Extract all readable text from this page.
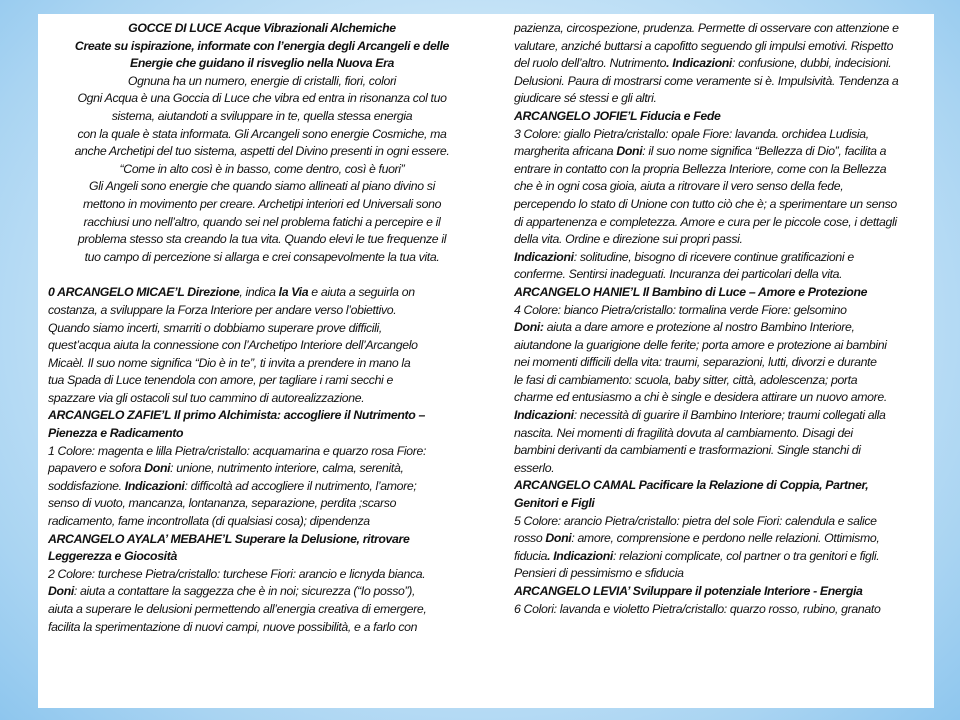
GOCCE DI LUCE Acque Vibrazionali Alchemiche

Create su ispirazione, informate con l’energia degli Arcangeli e delle

Energie che guidano il risveglio nella Nuova Era

Ognuna ha un numero, energie di cristalli, fiori, colori

Ogni Acqua è una Goccia di Luce che vibra ed entra in risonanza col tuo

sistema, aiutandoti a sviluppare in te, quella stessa energia

con la quale è stata informata. Gli Arcangeli sono energie Cosmiche, ma

anche Archetipi del tuo sistema, aspetti del Divino presenti in ogni essere.

“Come in alto così è in basso, come dentro, così è fuori”

Gli Angeli sono energie che quando siamo allineati al piano divino si

mettono in movimento per creare. Archetipi interiori ed Universali sono

racchiusi uno nell’altro, quando sei nel problema fatichi a percepire e il

problema stesso sta creando la tua vita. Quando elevi le tue frequenze il

tuo campo di percezione si allarga e crei consapevolmente la tua vita.

0 ARCANGELO MICAE’L Direzione, indica la Via e aiuta a seguirla on

costanza, a sviluppare la Forza Interiore per andare verso l’obiettivo.

Quando siamo incerti, smarriti o dobbiamo superare prove difficili,

quest’acqua aiuta la connessione con l’Archetipo Interiore dell’Arcangelo

Micaèl. Il suo nome significa “Dio è in te”, ti invita a prendere in mano la

tua Spada di Luce tenendola con amore, per tagliare i rami secchi e

spazzare via gli ostacoli sul tuo cammino di autorealizzazione.

ARCANGELO ZAFIE’L Il primo Alchimista: accogliere il Nutrimento –

Pienezza e Radicamento

1 Colore: magenta e lilla Pietra/cristallo: acquamarina e quarzo rosa Fiore:

papavero e sofora Doni: unione, nutrimento interiore, calma, serenità,

soddisfazione. Indicazioni: difficoltà ad accogliere il nutrimento, l’amore;

senso di vuoto, mancanza, lontananza, separazione, perdita ;scarso

radicamento, fame incontrollata (di qualsiasi cosa); dipendenza

ARCANGELO AYALA’ MEBAHE’L Superare la Delusione, ritrovare

Leggerezza e Giocosità

2 Colore: turchese Pietra/cristallo: turchese Fiori: arancio e licnyda bianca.

Doni: aiuta a contattare la saggezza che è in noi; sicurezza (“Io posso”),

aiuta a superare le delusioni permettendo all’energia creativa di emergere,

facilita la sperimentazione di nuovi campi, nuove possibilità, e a farlo con

pazienza, circospezione, prudenza. Permette di osservare con attenzione e

valutare, anziché buttarsi a capofitto seguendo gli impulsi emotivi. Rispetto

del ruolo dell’altro. Nutrimento. Indicazioni: confusione, dubbi, indecisioni.

Delusioni. Paura di mostrarsi come veramente si è. Impulsività. Tendenza a

giudicare sé stessi e gli altri.

ARCANGELO JOFIE’L Fiducia e Fede

3 Colore: giallo Pietra/cristallo: opale Fiore: lavanda. orchidea Ludisia,

margherita africana Doni: il suo nome significa “Bellezza di Dio”, facilita a

entrare in contatto con la propria Bellezza Interiore, come con la Bellezza

che è in ogni cosa gioia, aiuta a ritrovare il vero senso della fede,

percependo lo stato di Unione con tutto ciò che è; a sperimentare un senso

di appartenenza e completezza. Amore e cura per le piccole cose, i dettagli

della vita. Ordine e direzione sui propri passi.

Indicazioni: solitudine, bisogno di ricevere continue gratificazioni e

conferme. Sentirsi inadeguati. Incuranza dei particolari della vita.

ARCANGELO HANIE’L Il Bambino di Luce – Amore e Protezione

4 Colore: bianco Pietra/cristallo: tormalina verde Fiore: gelsomino

Doni: aiuta a dare amore e protezione al nostro Bambino Interiore,

aiutandone la guarigione delle ferite; porta amore e protezione ai bambini

nei momenti difficili della vita: traumi, separazioni, lutti, divorzi e durante

le fasi di cambiamento: scuola, baby sitter, città, adolescenza; porta

charme ed entusiasmo a chi è single e desidera attirare un nuovo amore.

Indicazioni: necessità di guarire il Bambino Interiore; traumi collegati alla

nascita. Nei momenti di fragilità dovuta al cambiamento. Disagi dei

bambini derivanti da cambiamenti e trasformazioni. Single stanchi di

esserlo.

ARCANGELO CAMAL Pacificare la Relazione di Coppia, Partner,

Genitori e Figli

5 Colore: arancio Pietra/cristallo: pietra del sole Fiori: calendula e salice

rosso Doni: amore, comprensione e perdono nelle relazioni. Ottimismo,

fiducia. Indicazioni: relazioni complicate, col partner o tra genitori e figli.

Pensieri di pessimismo e sfiducia

ARCANGELO LEVIA’ Sviluppare il potenziale Interiore - Energia

6 Colori: lavanda e violetto Pietra/cristallo: quarzo rosso, rubino, granato
